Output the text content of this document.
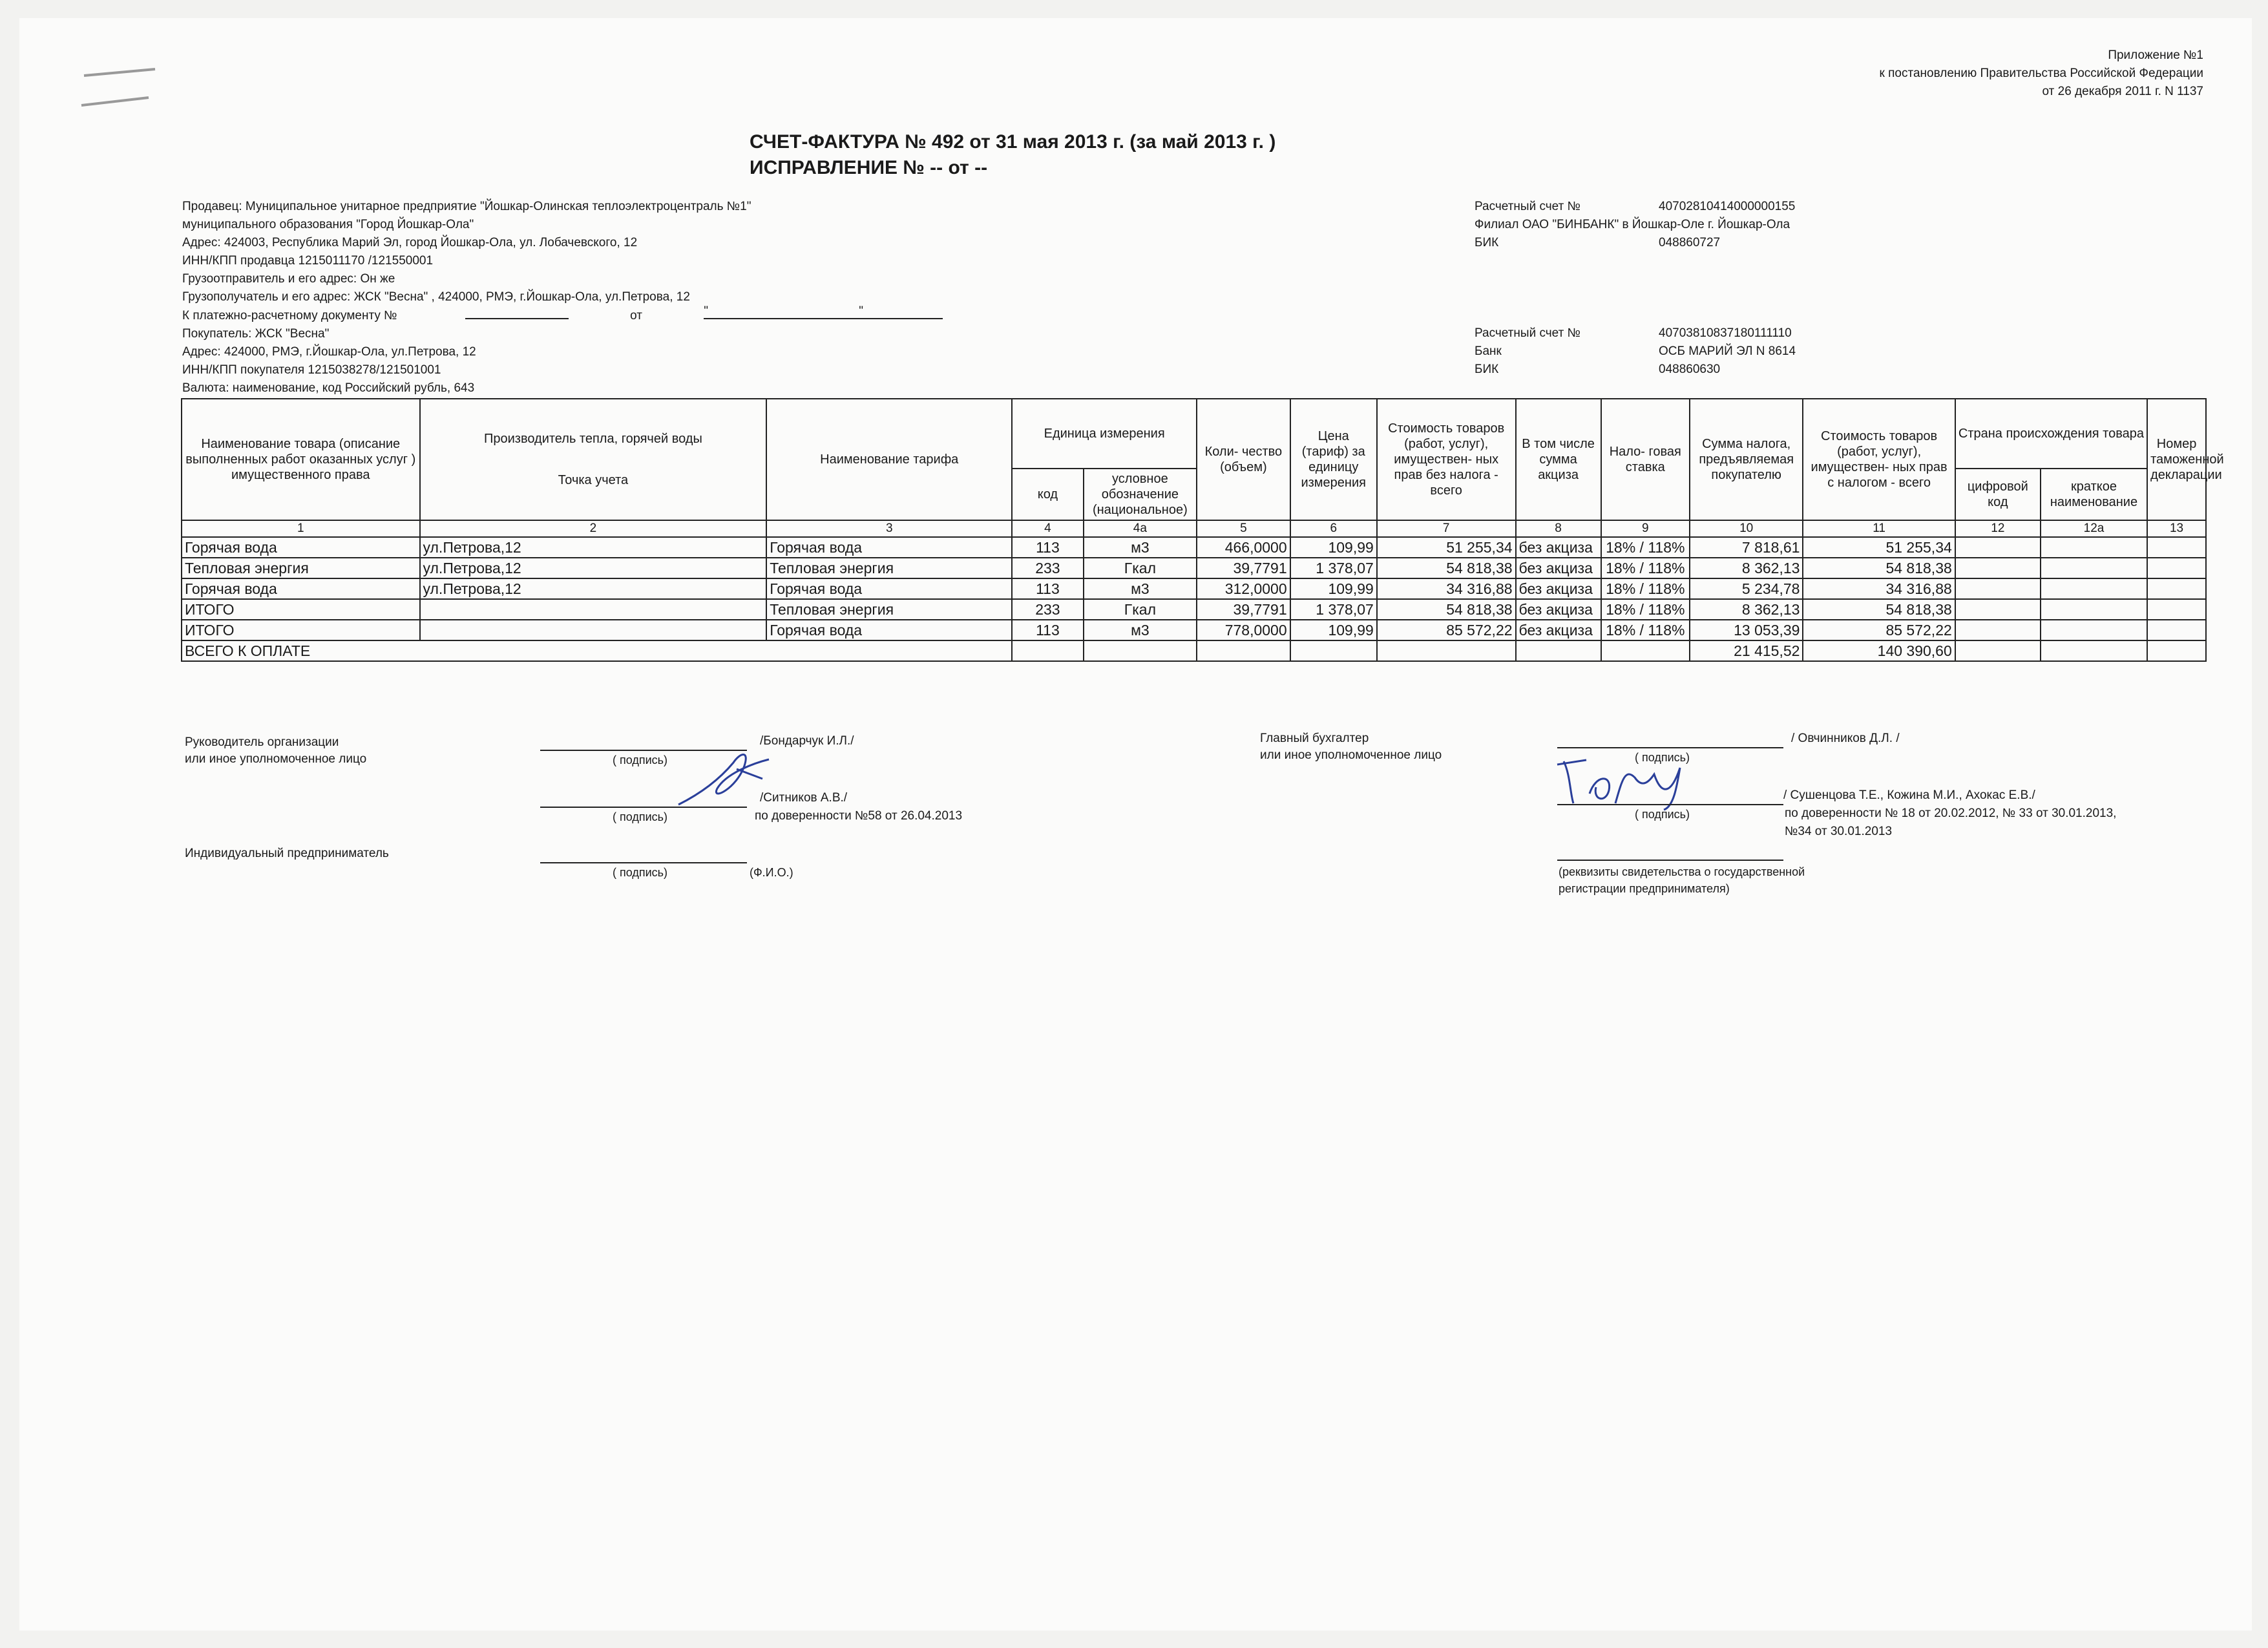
Приложение №1
к постановлению Правительства Российской Федерации
от 26 декабря 2011 г. N 1137
СЧЕТ-ФАКТУРА № 492 от 31 мая 2013 г. (за май 2013 г. )
ИСПРАВЛЕНИЕ № -- от --
Продавец: Муниципальное унитарное предприятие "Йошкар-Олинская теплоэлектроцентраль №1"
муниципального образования "Город Йошкар-Ола"
Адрес: 424003, Республика Марий Эл, город Йошкар-Ола, ул. Лобачевского, 12
ИНН/КПП продавца 1215011170 /121550001
Грузоотправитель и его адрес: Он же
Грузополучатель и его адрес: ЖСК "Весна" , 424000, РМЭ, г.Йошкар-Ола, ул.Петрова, 12
К платежно-расчетному документу №	от	"	"
Покупатель: ЖСК "Весна"
Адрес: 424000, РМЭ, г.Йошкар-Ола, ул.Петрова, 12
ИНН/КПП покупателя 1215038278/121501001
Валюта: наименование, код Российский рубль, 643
Расчетный счет №	40702810414000000155
Филиал ОАО "БИНБАНК" в Йошкар-Оле г. Йошкар-Ола
БИК	048860727
Расчетный счет №	40703810837180111110
Банк	ОСБ МАРИЙ ЭЛ N 8614
БИК	048860630
Наименование товара (описание выполненных работ оказанных услуг ) имущественного права	Производитель тепла, горячей воды
Точка учета	Наименование тарифа	Единица измерения		Коли- чество (объем)	Цена (тариф) за единицу измерения	Стоимость товаров (работ, услуг), имуществен- ных прав без налога - всего	В том числе сумма акциза	Нало- говая ставка	Сумма налога, предъявляемая покупателю	Стоимость товаров (работ, услуг), имуществен- ных прав с налогом - всего	Страна происхождения товара		Номер таможенной декларации
			код	условное обозначение (национальное)								цифровой код	краткое наименование	
1	2	3	4	4а	5	6	7	8	9	10	11	12	12а	13
Горячая вода	ул.Петрова,12	Горячая вода	113	м3	466,0000	109,99	51 255,34	без акциза	18% / 118%	7 818,61	51 255,34			
Тепловая энергия	ул.Петрова,12	Тепловая энергия	233	Гкал	39,7791	1 378,07	54 818,38	без акциза	18% / 118%	8 362,13	54 818,38			
Горячая вода	ул.Петрова,12	Горячая вода	113	м3	312,0000	109,99	34 316,88	без акциза	18% / 118%	5 234,78	34 316,88			
ИТОГО		Тепловая энергия	233	Гкал	39,7791	1 378,07	54 818,38	без акциза	18% / 118%	8 362,13	54 818,38			
ИТОГО		Горячая вода	113	м3	778,0000	109,99	85 572,22	без акциза	18% / 118%	13 053,39	85 572,22			
ВСЕГО К ОПЛАТЕ										21 415,52	140 390,60			
Руководитель организации
или иное уполномоченное лицо	( подпись)
/Бондарчук И.Л./
( подпись)
/Ситников А.В./
по доверенности №58 от 26.04.2013
Индивидуальный предприниматель
( подпись)	(Ф.И.О.)
Главный бухгалтер
или иное уполномоченное лицо	( подпись)
/ Овчинников Д.Л. /
( подпись)
/ Сушенцова Т.Е., Кожина М.И., Ахокас Е.В./
по доверенности № 18 от 20.02.2012, № 33 от 30.01.2013,
№34 от 30.01.2013
(реквизиты свидетельства о государственной
регистрации предпринимателя)
